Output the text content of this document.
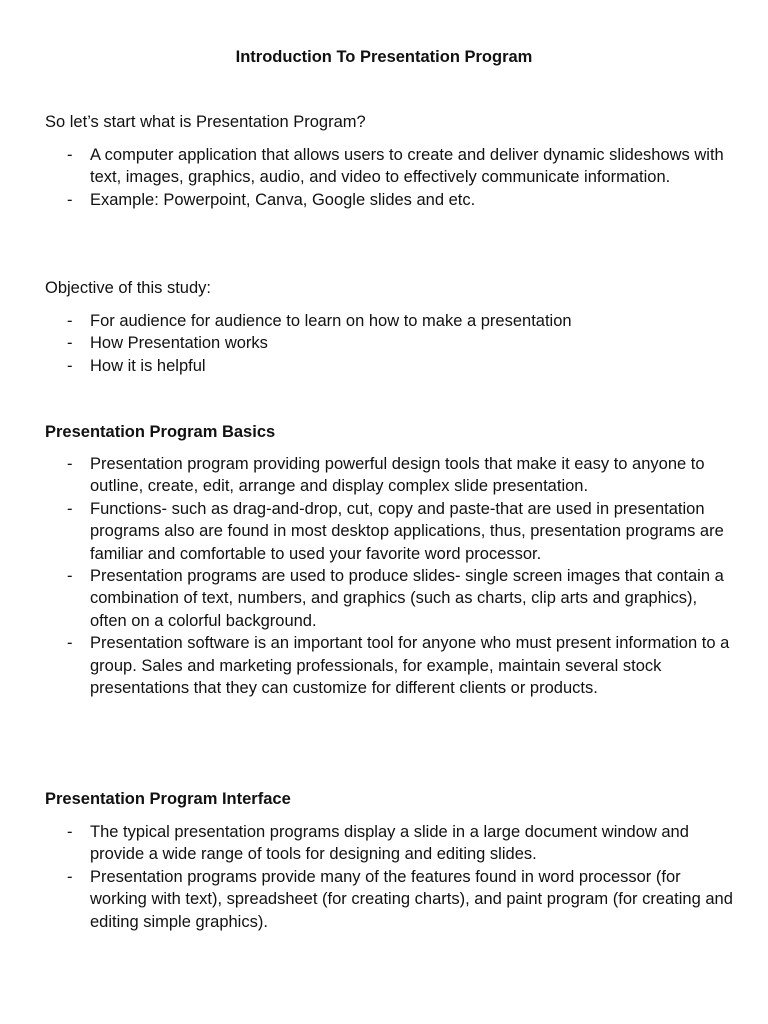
Introduction To Presentation Program

So let’s start what is Presentation Program?

- A computer application that allows users to create and deliver dynamic slideshows with text, images, graphics, audio, and video to effectively communicate information.
- Example: Powerpoint, Canva, Google slides and etc.

Objective of this study:

- For audience for audience to learn on how to make a presentation
- How Presentation works
- How it is helpful

Presentation Program Basics

- Presentation program providing powerful design tools that make it easy to anyone to outline, create, edit, arrange and display complex slide presentation.
- Functions- such as drag-and-drop, cut, copy and paste-that are used in presentation programs also are found in most desktop applications, thus, presentation programs are familiar and comfortable to used your favorite word processor.
- Presentation programs are used to produce slides- single screen images that contain a combination of text, numbers, and graphics (such as charts, clip arts and graphics), often on a colorful background.
- Presentation software is an important tool for anyone who must present information to a group. Sales and marketing professionals, for example, maintain several stock presentations that they can customize for different clients or products.

Presentation Program Interface

- The typical presentation programs display a slide in a large document window and provide a wide range of tools for designing and editing slides.
- Presentation programs provide many of the features found in word processor (for working with text), spreadsheet (for creating charts), and paint program (for creating and editing simple graphics).
